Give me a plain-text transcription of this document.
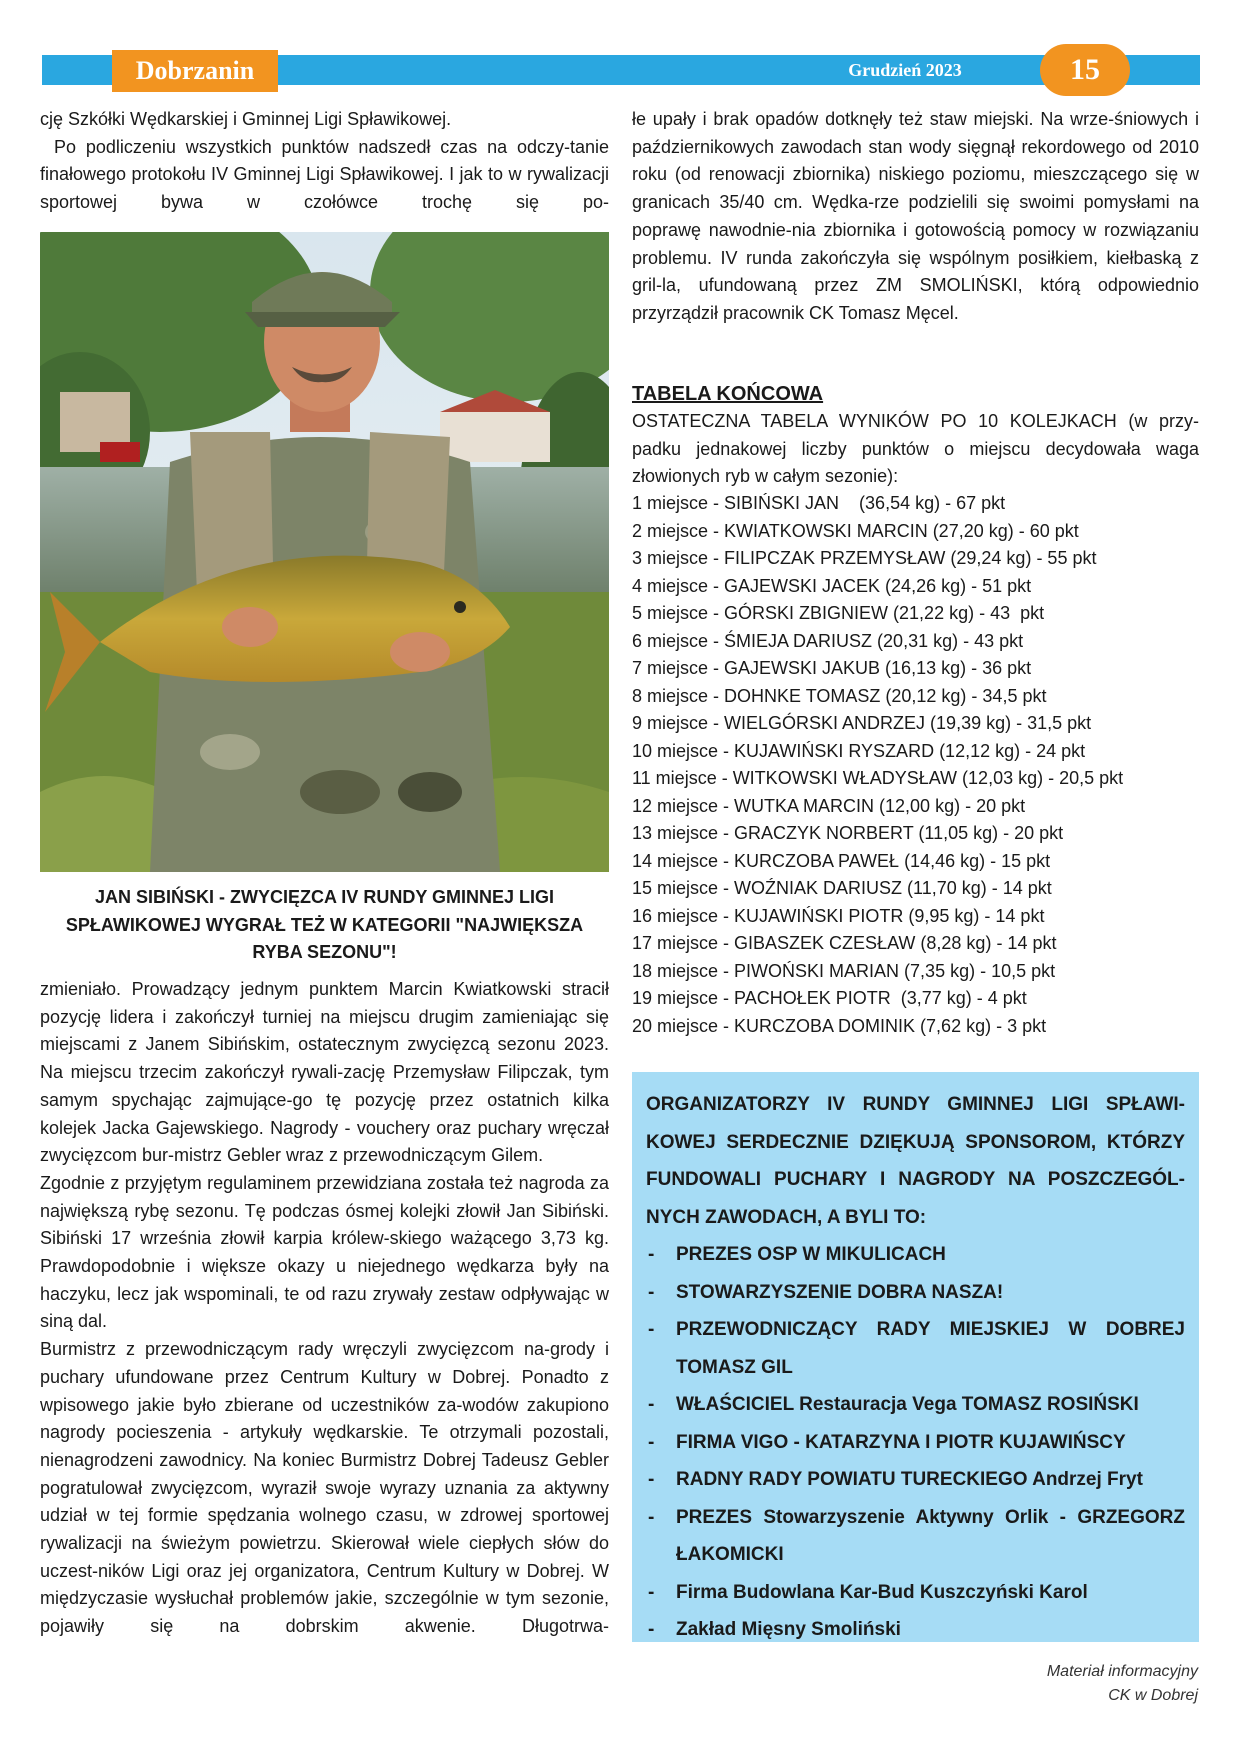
Dobrzanin	Grudzień 2023	15

cję Szkółki Wędkarskiej i Gminnej Ligi Spławikowej.

Po podliczeniu wszystkich punktów nadszedł czas na odczy-tanie finałowego protokołu IV Gminnej Ligi Spławikowej. I jak to w rywalizacji sportowej bywa w czołówce trochę się po-

JAN SIBIŃSKI - ZWYCIĘZCA IV RUNDY GMINNEJ LIGI SPŁAWIKOWEJ WYGRAŁ TEŻ W KATEGORII "NAJWIĘKSZA RYBA SEZONU"!

zmieniało. Prowadzący jednym punktem Marcin Kwiatkowski stracił pozycję lidera i zakończył turniej na miejscu drugim zamieniając się miejscami z Janem Sibińskim, ostatecznym zwycięzcą sezonu 2023. Na miejscu trzecim zakończył rywali-zację Przemysław Filipczak, tym samym spychając zajmujące-go tę pozycję przez ostatnich kilka kolejek Jacka Gajewskiego. Nagrody - vouchery oraz puchary wręczał zwycięzcom bur-mistrz Gebler wraz z przewodniczącym Gilem.

Zgodnie z przyjętym regulaminem przewidziana została też nagroda za największą rybę sezonu. Tę podczas ósmej kolejki złowił Jan Sibiński. Sibiński 17 września złowił karpia królew-skiego ważącego 3,73 kg. Prawdopodobnie i większe okazy u niejednego wędkarza były na haczyku, lecz jak wspominali, te od razu zrywały zestaw odpływając w siną dal.

Burmistrz z przewodniczącym rady wręczyli zwycięzcom na-grody i puchary ufundowane przez Centrum Kultury w Dobrej. Ponadto z wpisowego jakie było zbierane od uczestników za-wodów zakupiono nagrody pocieszenia - artykuły wędkarskie. Te otrzymali pozostali, nienagrodzeni zawodnicy. Na koniec Burmistrz Dobrej Tadeusz Gebler pogratulował zwycięzcom, wyraził swoje wyrazy uznania za aktywny udział w tej formie spędzania wolnego czasu, w zdrowej sportowej rywalizacji na świeżym powietrzu. Skierował wiele ciepłych słów do uczest-ników Ligi oraz jej organizatora, Centrum Kultury w Dobrej. W międzyczasie wysłuchał problemów jakie, szczególnie w tym sezonie, pojawiły się na dobrskim akwenie. Długotrwa-

łe upały i brak opadów dotknęły też staw miejski. Na wrze-śniowych i październikowych zawodach stan wody sięgnął rekordowego od 2010 roku (od renowacji zbiornika) niskiego poziomu, mieszczącego się w granicach 35/40 cm. Wędka-rze podzielili się swoimi pomysłami na poprawę nawodnie-nia zbiornika i gotowością pomocy w rozwiązaniu problemu. IV runda zakończyła się wspólnym posiłkiem, kiełbaską z gril-la, ufundowaną przez ZM SMOLIŃSKI, którą odpowiednio przyrządził pracownik CK Tomasz Męcel.

TABELA KOŃCOWA

OSTATECZNA TABELA WYNIKÓW PO 10 KOLEJKACH (w przy-padku jednakowej liczby punktów o miejscu decydowała waga złowionych ryb w całym sezonie):

1 miejsce - SIBIŃSKI JAN    (36,54 kg) - 67 pkt
2 miejsce - KWIATKOWSKI MARCIN (27,20 kg) - 60 pkt
3 miejsce - FILIPCZAK PRZEMYSŁAW (29,24 kg) - 55 pkt
4 miejsce - GAJEWSKI JACEK (24,26 kg) - 51 pkt
5 miejsce - GÓRSKI ZBIGNIEW (21,22 kg) - 43  pkt
6 miejsce - ŚMIEJA DARIUSZ (20,31 kg) - 43 pkt
7 miejsce - GAJEWSKI JAKUB (16,13 kg) - 36 pkt
8 miejsce - DOHNKE TOMASZ (20,12 kg) - 34,5 pkt
9 miejsce - WIELGÓRSKI ANDRZEJ (19,39 kg) - 31,5 pkt
10 miejsce - KUJAWIŃSKI RYSZARD (12,12 kg) - 24 pkt
11 miejsce - WITKOWSKI WŁADYSŁAW (12,03 kg) - 20,5 pkt
12 miejsce - WUTKA MARCIN (12,00 kg) - 20 pkt
13 miejsce - GRACZYK NORBERT (11,05 kg) - 20 pkt
14 miejsce - KURCZOBA PAWEŁ (14,46 kg) - 15 pkt
15 miejsce - WOŹNIAK DARIUSZ (11,70 kg) - 14 pkt
16 miejsce - KUJAWIŃSKI PIOTR (9,95 kg) - 14 pkt
17 miejsce - GIBASZEK CZESŁAW (8,28 kg) - 14 pkt
18 miejsce - PIWOŃSKI MARIAN (7,35 kg) - 10,5 pkt
19 miejsce - PACHOŁEK PIOTR  (3,77 kg) - 4 pkt
20 miejsce - KURCZOBA DOMINIK (7,62 kg) - 3 pkt

ORGANIZATORZY IV RUNDY GMINNEJ LIGI SPŁAWI-KOWEJ SERDECZNIE DZIĘKUJĄ SPONSOROM, KTÓRZY FUNDOWALI PUCHARY I NAGRODY NA POSZCZEGÓL-NYCH ZAWODACH, A BYLI TO:

- PREZES OSP W MIKULICACH
- STOWARZYSZENIE DOBRA NASZA!
- PRZEWODNICZĄCY RADY MIEJSKIEJ W DOBREJ TOMASZ GIL
- WŁAŚCICIEL Restauracja Vega TOMASZ ROSIŃSKI
- FIRMA VIGO - KATARZYNA I PIOTR KUJAWIŃSCY
- RADNY RADY POWIATU TURECKIEGO Andrzej Fryt
- PREZES Stowarzyszenie Aktywny Orlik - GRZEGORZ ŁAKOMICKI
- Firma Budowlana Kar-Bud Kuszczyński Karol
- Zakład Mięsny Smoliński
Materiał informacyjny
CK w Dobrej
